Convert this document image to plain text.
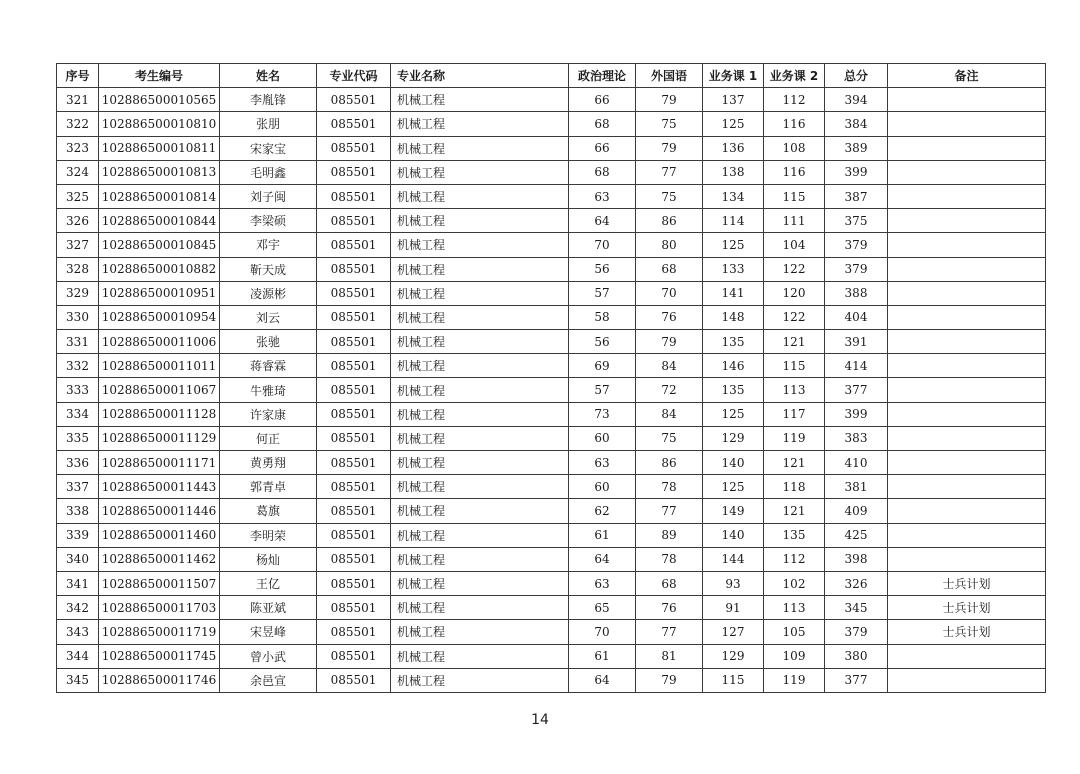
序号	考生编号	姓名	专业代码	专业名称	政治理论	外国语	业务课 1	业务课 2	总分	备注
321	102886500010565	李胤锋	085501	机械工程	66	79	137	112	394	
322	102886500010810	张朋	085501	机械工程	68	75	125	116	384	
323	102886500010811	宋家宝	085501	机械工程	66	79	136	108	389	
324	102886500010813	毛明鑫	085501	机械工程	68	77	138	116	399	
325	102886500010814	刘子闽	085501	机械工程	63	75	134	115	387	
326	102886500010844	李梁硕	085501	机械工程	64	86	114	111	375	
327	102886500010845	邓宇	085501	机械工程	70	80	125	104	379	
328	102886500010882	靳天成	085501	机械工程	56	68	133	122	379	
329	102886500010951	凌源彬	085501	机械工程	57	70	141	120	388	
330	102886500010954	刘云	085501	机械工程	58	76	148	122	404	
331	102886500011006	张驰	085501	机械工程	56	79	135	121	391	
332	102886500011011	蒋睿霖	085501	机械工程	69	84	146	115	414	
333	102886500011067	牛雅琦	085501	机械工程	57	72	135	113	377	
334	102886500011128	许家康	085501	机械工程	73	84	125	117	399	
335	102886500011129	何正	085501	机械工程	60	75	129	119	383	
336	102886500011171	黄勇翔	085501	机械工程	63	86	140	121	410	
337	102886500011443	郭青卓	085501	机械工程	60	78	125	118	381	
338	102886500011446	葛旗	085501	机械工程	62	77	149	121	409	
339	102886500011460	李明荣	085501	机械工程	61	89	140	135	425	
340	102886500011462	杨灿	085501	机械工程	64	78	144	112	398	
341	102886500011507	王亿	085501	机械工程	63	68	93	102	326	士兵计划
342	102886500011703	陈亚斌	085501	机械工程	65	76	91	113	345	士兵计划
343	102886500011719	宋昱峰	085501	机械工程	70	77	127	105	379	士兵计划
344	102886500011745	曾小武	085501	机械工程	61	81	129	109	380	
345	102886500011746	余邑宣	085501	机械工程	64	79	115	119	377	
14
